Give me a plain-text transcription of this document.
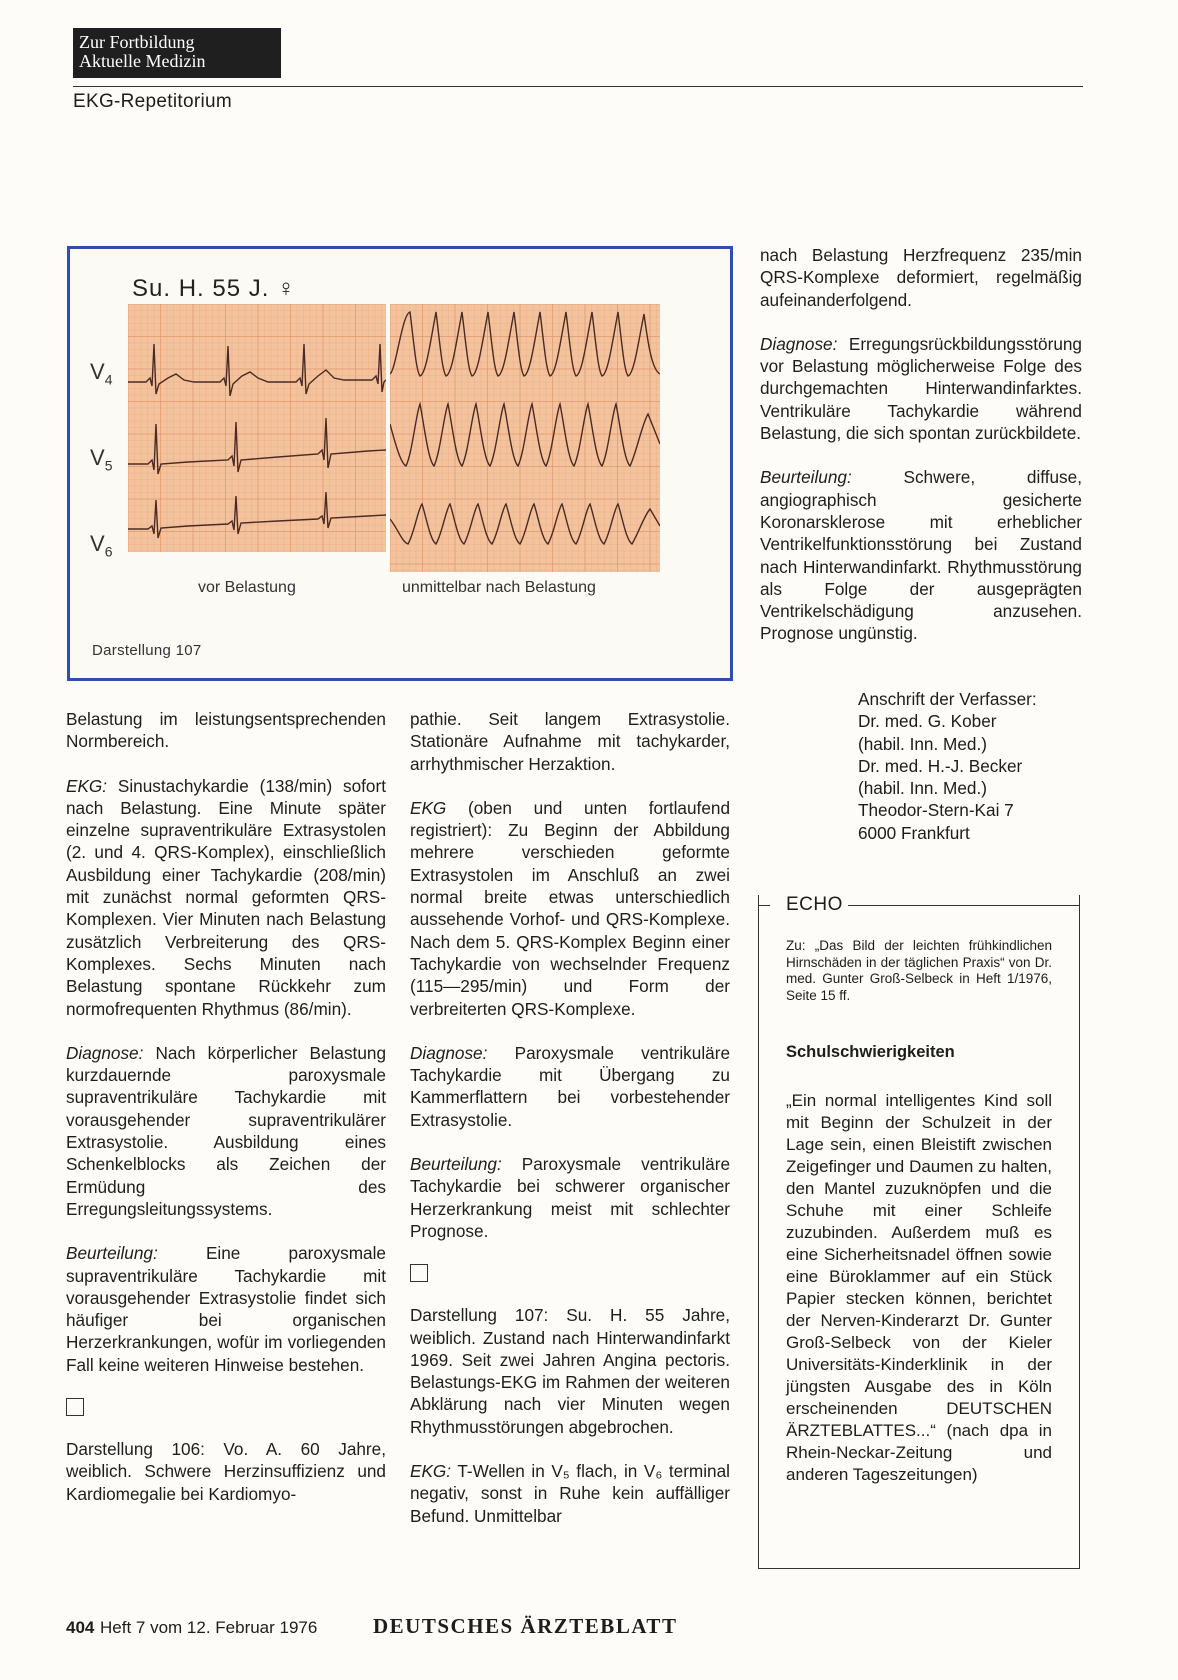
Zur Fortbildung
Aktuelle Medizin
EKG-Repetitorium
Su. H. 55 J. ♀
$V_4$
$V_5$
$V_6$
vor Belastung	unmittelbar nach Belastung
Darstellung 107

Belastung im leistungsentsprechenden Normbereich.

EKG: Sinustachykardie (138/min) sofort nach Belastung. Eine Minute später einzelne supraventrikuläre Extrasystolen (2. und 4. QRS-Komplex), einschließlich Ausbildung einer Tachykardie (208/min) mit zunächst normal geformten QRS-Komplexen. Vier Minuten nach Belastung zusätzlich Verbreiterung des QRS-Komplexes. Sechs Minuten nach Belastung spontane Rückkehr zum normofrequenten Rhythmus (86/min).

Diagnose: Nach körperlicher Belastung kurzdauernde paroxysmale supraventrikuläre Tachykardie mit vorausgehender supraventrikulärer Extrasystolie. Ausbildung eines Schenkelblocks als Zeichen der Ermüdung des Erregungsleitungssystems.

Beurteilung: Eine paroxysmale supraventrikuläre Tachykardie mit vorausgehender Extrasystolie findet sich häufiger bei organischen Herzerkrankungen, wofür im vorliegenden Fall keine weiteren Hinweise bestehen.

Darstellung 106: Vo. A. 60 Jahre, weiblich. Schwere Herzinsuffizienz und Kardiomegalie bei Kardiomyo-

pathie. Seit langem Extrasystolie. Stationäre Aufnahme mit tachykarder, arrhythmischer Herzaktion.

EKG (oben und unten fortlaufend registriert): Zu Beginn der Abbildung mehrere verschieden geformte Extrasystolen im Anschluß an zwei normal breite etwas unterschiedlich aussehende Vorhof- und QRS-Komplexe. Nach dem 5. QRS-Komplex Beginn einer Tachykardie von wechselnder Frequenz (115—295/min) und Form der verbreiterten QRS-Komplexe.

Diagnose: Paroxysmale ventrikuläre Tachykardie mit Übergang zu Kammerflattern bei vorbestehender Extrasystolie.

Beurteilung: Paroxysmale ventrikuläre Tachykardie bei schwerer organischer Herzerkrankung meist mit schlechter Prognose.

Darstellung 107: Su. H. 55 Jahre, weiblich. Zustand nach Hinterwandinfarkt 1969. Seit zwei Jahren Angina pectoris. Belastungs-EKG im Rahmen der weiteren Abklärung nach vier Minuten wegen Rhythmusstörungen abgebrochen.

EKG: T-Wellen in V₅ flach, in V₆ terminal negativ, sonst in Ruhe kein auffälliger Befund. Unmittelbar

nach Belastung Herzfrequenz 235/min QRS-Komplexe deformiert, regelmäßig aufeinanderfolgend.

Diagnose: Erregungsrückbildungsstörung vor Belastung möglicherweise Folge des durchgemachten Hinterwandinfarktes. Ventrikuläre Tachykardie während Belastung, die sich spontan zurückbildete.

Beurteilung: Schwere, diffuse, angiographisch gesicherte Koronarsklerose mit erheblicher Ventrikelfunktionsstörung bei Zustand nach Hinterwandinfarkt. Rhythmusstörung als Folge der ausgeprägten Ventrikelschädigung anzusehen. Prognose ungünstig.

Anschrift der Verfasser:
Dr. med. G. Kober
(habil. Inn. Med.)
Dr. med. H.-J. Becker
(habil. Inn. Med.)
Theodor-Stern-Kai 7
6000 Frankfurt
ECHO
Zu: „Das Bild der leichten frühkindlichen Hirnschäden in der täglichen Praxis“ von Dr. med. Gunter Groß-Selbeck in Heft 1/1976, Seite 15 ff.
Schulschwierigkeiten
„Ein normal intelligentes Kind soll mit Beginn der Schulzeit in der Lage sein, einen Bleistift zwischen Zeigefinger und Daumen zu halten, den Mantel zuzuknöpfen und die Schuhe mit einer Schleife zuzubinden. Außerdem muß es eine Sicherheitsnadel öffnen sowie eine Büroklammer auf ein Stück Papier stecken können, berichtet der Nerven-Kinderarzt Dr. Gunter Groß-Selbeck von der Kieler Universitäts-Kinderklinik in der jüngsten Ausgabe des in Köln erscheinenden DEUTSCHEN ÄRZTEBLATTES...“ (nach dpa in Rhein-Neckar-Zeitung und anderen Tageszeitungen)
404 Heft 7 vom 12. Februar 1976	DEUTSCHES ÄRZTEBLATT
